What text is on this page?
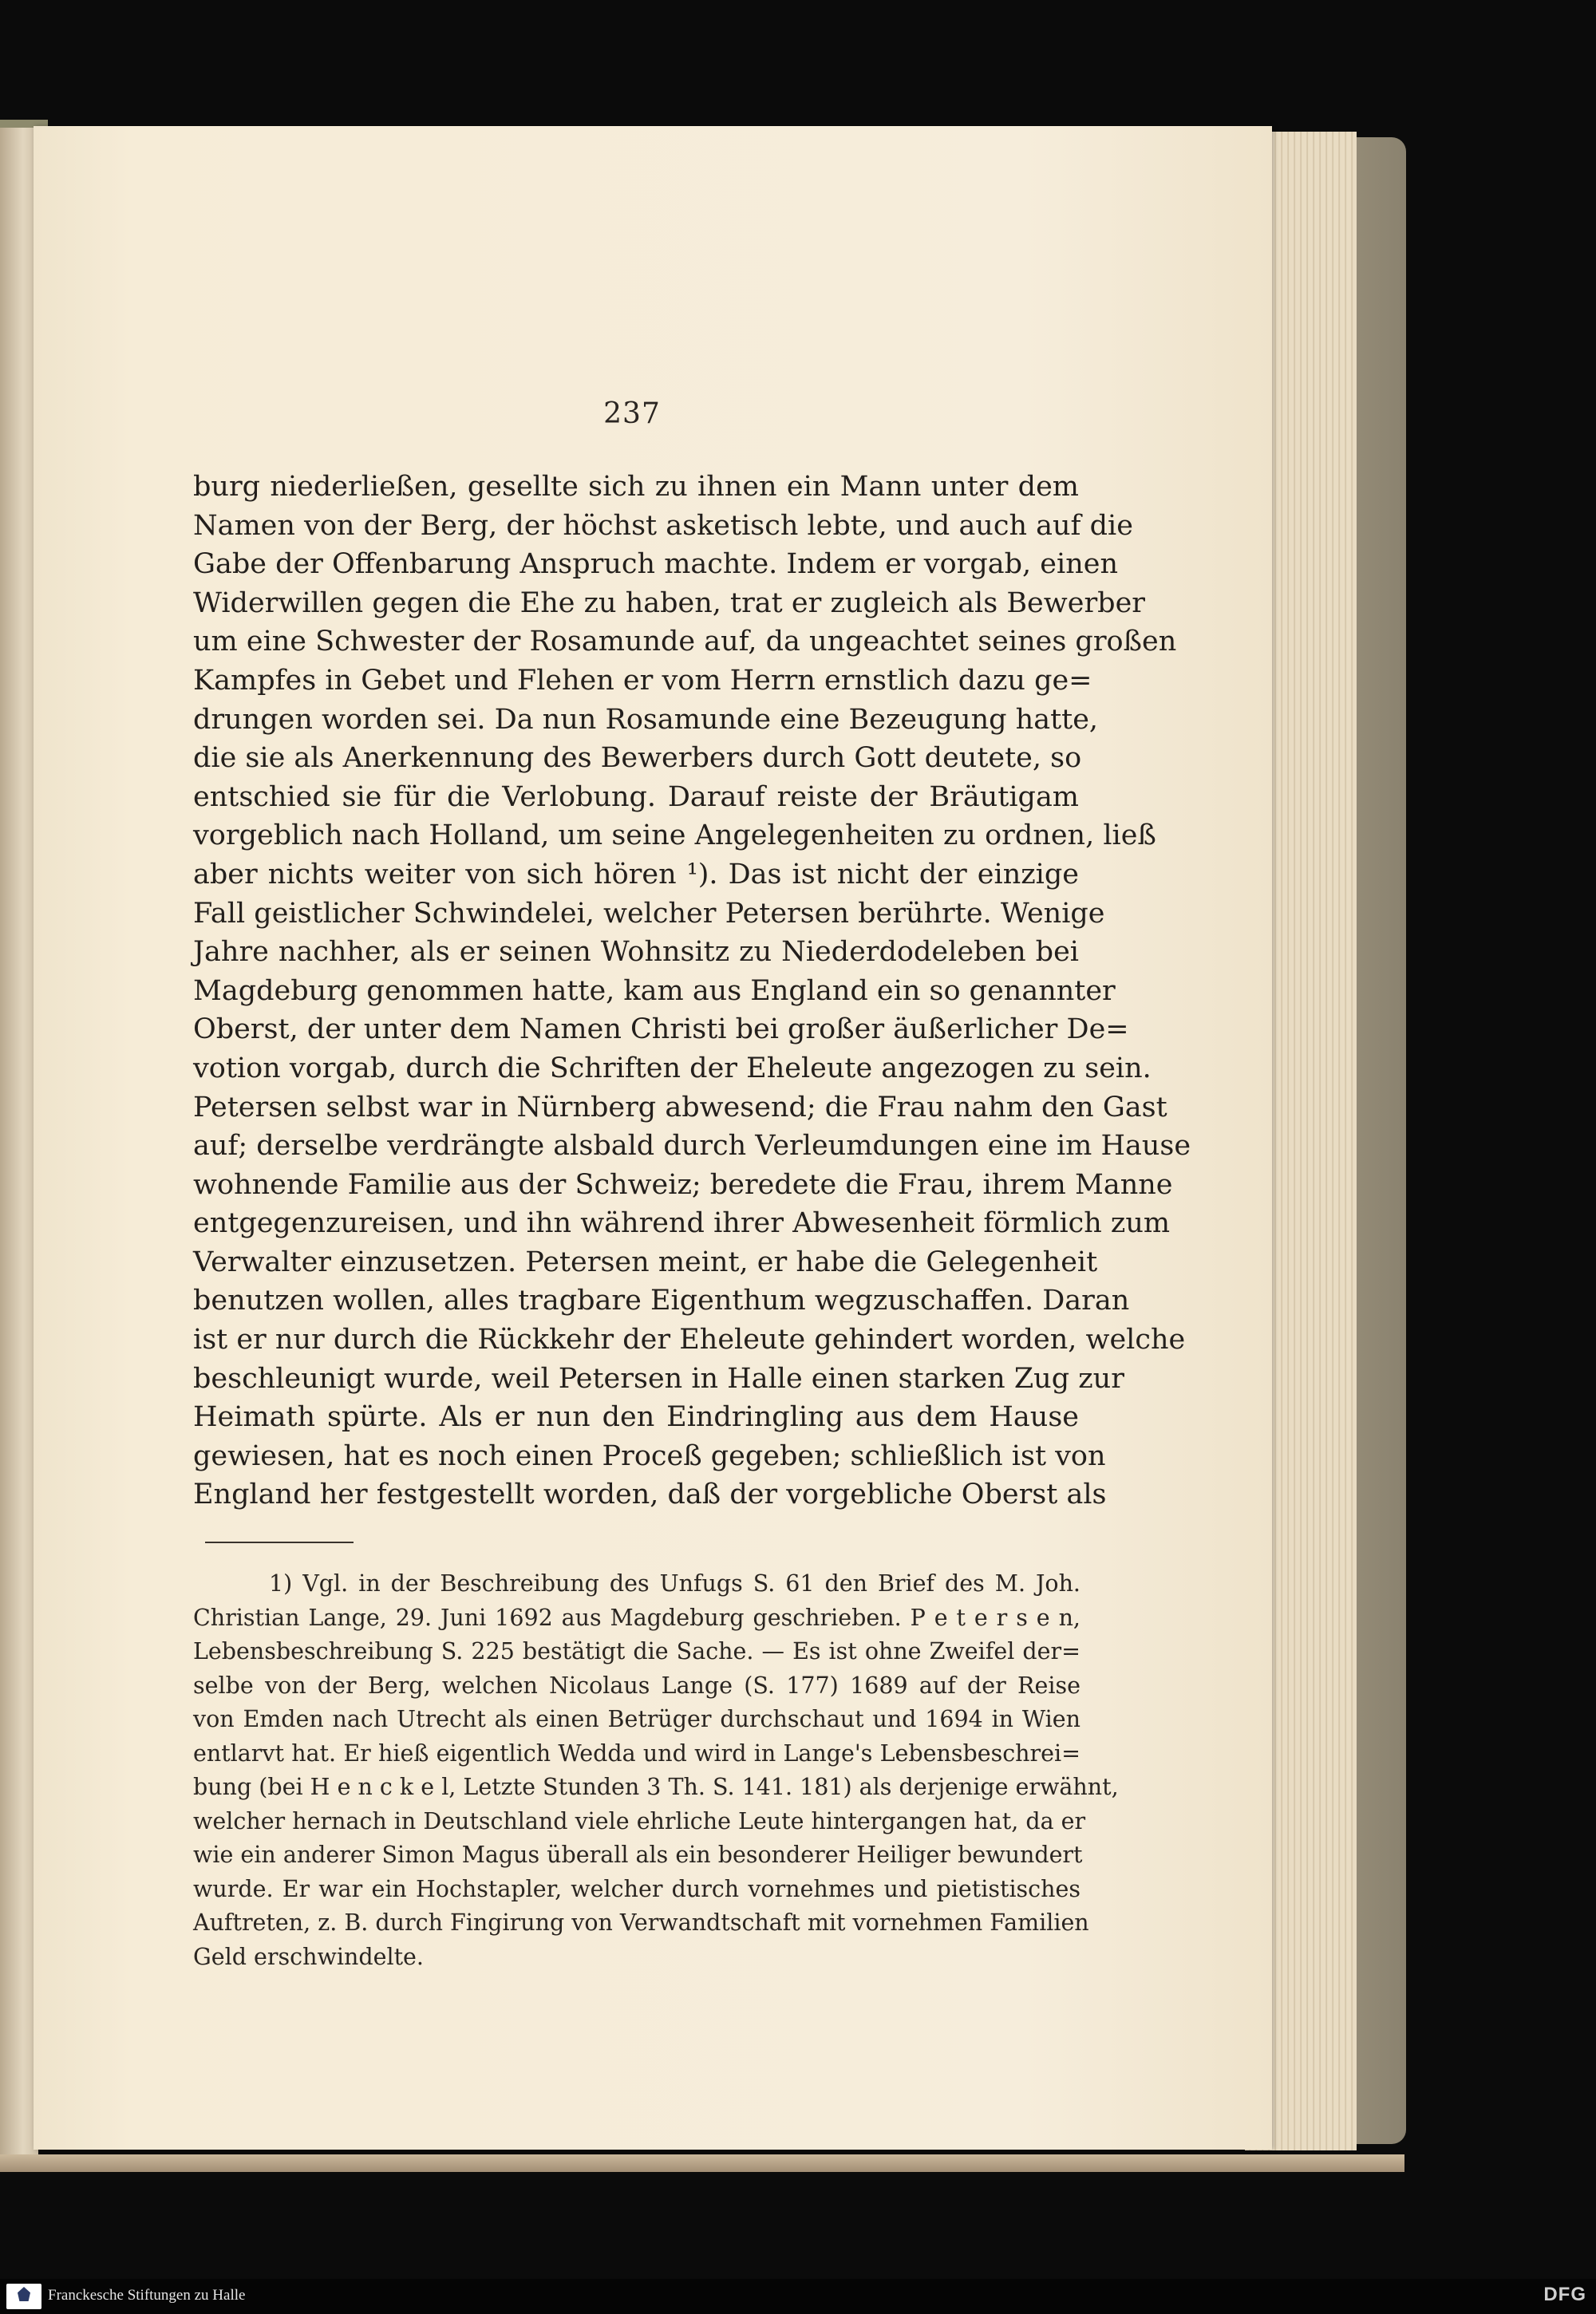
237
burg niederließen, gesellte sich zu ihnen ein Mann unter dem
Namen von der Berg, der höchst asketisch lebte, und auch auf die
Gabe der Offenbarung Anspruch machte. Indem er vorgab, einen
Widerwillen gegen die Ehe zu haben, trat er zugleich als Bewerber
um eine Schwester der Rosamunde auf, da ungeachtet seines großen
Kampfes in Gebet und Flehen er vom Herrn ernstlich dazu ge=
drungen worden sei. Da nun Rosamunde eine Bezeugung hatte,
die sie als Anerkennung des Bewerbers durch Gott deutete, so
entschied sie für die Verlobung. Darauf reiste der Bräutigam
vorgeblich nach Holland, um seine Angelegenheiten zu ordnen, ließ
aber nichts weiter von sich hören ¹). Das ist nicht der einzige
Fall geistlicher Schwindelei, welcher Petersen berührte. Wenige
Jahre nachher, als er seinen Wohnsitz zu Niederdodeleben bei
Magdeburg genommen hatte, kam aus England ein so genannter
Oberst, der unter dem Namen Christi bei großer äußerlicher De=
votion vorgab, durch die Schriften der Eheleute angezogen zu sein.
Petersen selbst war in Nürnberg abwesend; die Frau nahm den Gast
auf; derselbe verdrängte alsbald durch Verleumdungen eine im Hause
wohnende Familie aus der Schweiz; beredete die Frau, ihrem Manne
entgegenzureisen, und ihn während ihrer Abwesenheit förmlich zum
Verwalter einzusetzen. Petersen meint, er habe die Gelegenheit
benutzen wollen, alles tragbare Eigenthum wegzuschaffen. Daran
ist er nur durch die Rückkehr der Eheleute gehindert worden, welche
beschleunigt wurde, weil Petersen in Halle einen starken Zug zur
Heimath spürte. Als er nun den Eindringling aus dem Hause
gewiesen, hat es noch einen Proceß gegeben; schließlich ist von
England her festgestellt worden, daß der vorgebliche Oberst als
1) Vgl. in der Beschreibung des Unfugs S. 61 den Brief des M. Joh.
Christian Lange, 29. Juni 1692 aus Magdeburg geschrieben. P e t e r s e n,
Lebensbeschreibung S. 225 bestätigt die Sache. — Es ist ohne Zweifel der=
selbe von der Berg, welchen Nicolaus Lange (S. 177) 1689 auf der Reise
von Emden nach Utrecht als einen Betrüger durchschaut und 1694 in Wien
entlarvt hat. Er hieß eigentlich Wedda und wird in Lange's Lebensbeschrei=
bung (bei H e n c k e l, Letzte Stunden 3 Th. S. 141. 181) als derjenige erwähnt,
welcher hernach in Deutschland viele ehrliche Leute hintergangen hat, da er
wie ein anderer Simon Magus überall als ein besonderer Heiliger bewundert
wurde. Er war ein Hochstapler, welcher durch vornehmes und pietistisches
Auftreten, z. B. durch Fingirung von Verwandtschaft mit vornehmen Familien
Geld erschwindelte.
Franckesche Stiftungen zu Halle	DFG
